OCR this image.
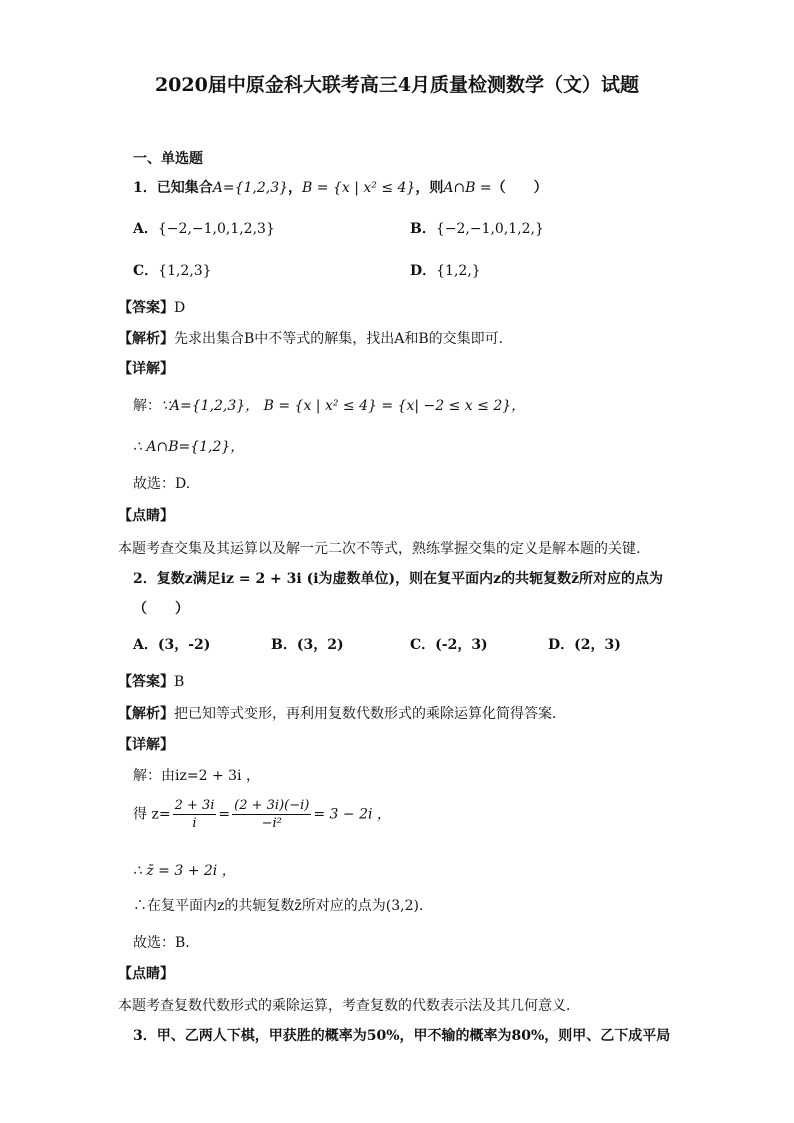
2020届中原金科大联考高三4月质量检测数学（文）试题
一、单选题
1．已知集合A={1,2,3}，B = {x | x² ≤ 4}，则A∩B =（　　）
A．{−2,−1,0,1,2,3}	B．{−2,−1,0,1,2,}
C．{1,2,3}	D．{1,2,}
【答案】D
【解析】先求出集合B中不等式的解集，找出A和B的交集即可.
【详解】
解：∵A={1,2,3}， B = {x | x² ≤ 4} = {x| −2 ≤ x ≤ 2}，
∴ A∩B={1,2}，
故选：D.
【点睛】
本题考查交集及其运算以及解一元二次不等式，熟练掌握交集的定义是解本题的关键.
2．复数z满足iz = 2 + 3i (i为虚数单位)，则在复平面内z的共轭复数z̄所对应的点为
（　　）
A．(3，-2)	B．(3，2)	C．(-2，3)	D．(2，3)
【答案】B
【解析】把已知等式变形，再利用复数代数形式的乘除运算化简得答案．
【详解】
解：由iz=2 + 3i ，
得 $z= \frac{2 + 3i}{i} = \frac{(2 + 3i)(-i)}{\text{−i²}} = 3 - 2i$ ，
∴ z̄ = 3 + 2i ，
∴在复平面内z的共轭复数z̄所对应的点为(3,2)．
故选：B．
【点睛】
本题考查复数代数形式的乘除运算，考查复数的代数表示法及其几何意义．
3．甲、乙两人下棋，甲获胜的概率为50%，甲不输的概率为80%，则甲、乙下成平局
